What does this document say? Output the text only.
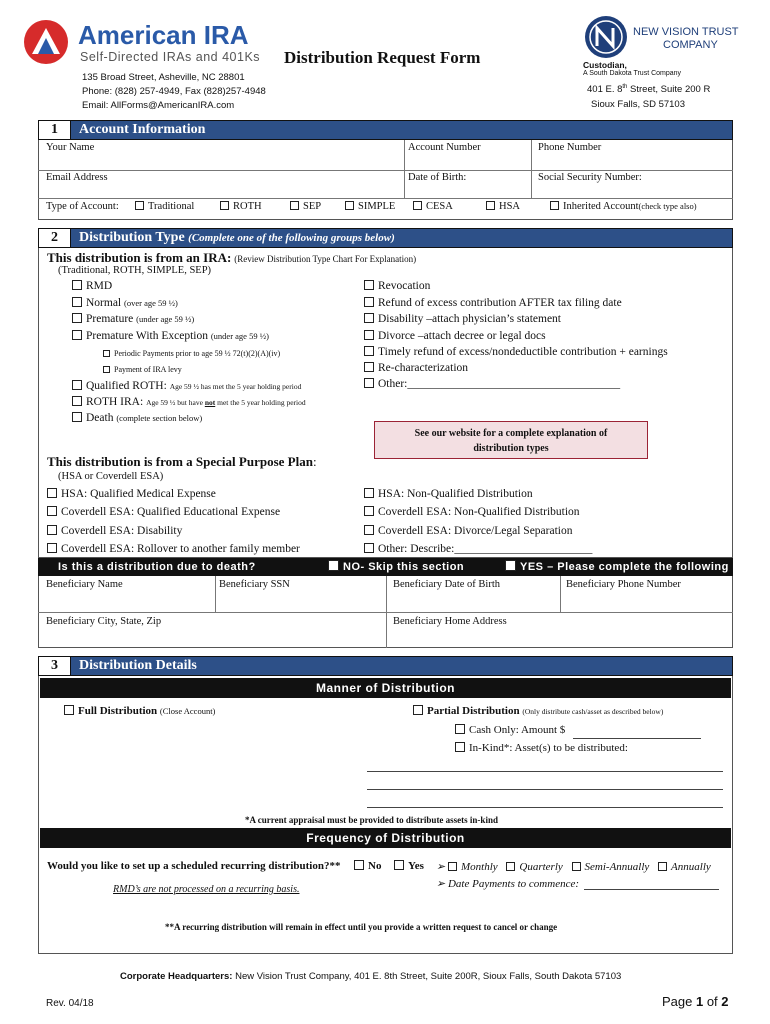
American IRA
Self-Directed IRAs and 401Ks Distribution Request Form
135 Broad Street, Asheville, NC 28801
Phone: (828) 257-4949, Fax (828)257-4948
Email: AllForms@AmericanIRA.com
NEW VISION TRUST
COMPANY
Custodian,
A South Dakota Trust Company
401 E. 8th Street, Suite 200 R
Sioux Falls, SD 57103
1	Account Information
Your Name	Account Number	Phone Number
Email Address	Date of Birth:	Social Security Number:
Type of Account:	Traditional	ROTH	SEP	SIMPLE	CESA	HSA	Inherited Account(check type also)
2	Distribution Type (Complete one of the following groups below)
This distribution is from an IRA: (Review Distribution Type Chart For Explanation)
(Traditional, ROTH, SIMPLE, SEP)
RMD
Normal (over age 59 ½)
Premature (under age 59 ½)
Premature With Exception (under age 59 ½)
Periodic Payments prior to age 59 ½ 72(t)(2)(A)(iv)
Payment of IRA levy
Qualified ROTH: Age 59 ½ has met the 5 year holding period
ROTH IRA: Age 59 ½ but have not met the 5 year holding period
Death (complete section below)
Revocation
Refund of excess contribution AFTER tax filing date
Disability –attach physician’s statement
Divorce –attach decree or legal docs
Timely refund of excess/nondeductible contribution + earnings
Re-characterization
Other:_____________________________________
See our website for a complete explanation of
distribution types
This distribution is from a Special Purpose Plan:
(HSA or Coverdell ESA)
HSA: Qualified Medical Expense
Coverdell ESA: Qualified Educational Expense
Coverdell ESA: Disability
Coverdell ESA: Rollover to another family member
HSA: Non-Qualified Distribution
Coverdell ESA: Non-Qualified Distribution
Coverdell ESA: Divorce/Legal Separation
Other: Describe:________________________
Is this a distribution due to death?	NO- Skip this section	YES – Please complete the following
Beneficiary Name	Beneficiary SSN	Beneficiary Date of Birth	Beneficiary Phone Number
Beneficiary City, State, Zip	Beneficiary Home Address
3	Distribution Details
Manner of Distribution
Full Distribution (Close Account)	Partial Distribution (Only distribute cash/asset as described below)
Cash Only: Amount $
In-Kind*: Asset(s) to be distributed:
*A current appraisal must be provided to distribute assets in-kind
Frequency of Distribution
Would you like to set up a scheduled recurring distribution?**	No	Yes ➢ Monthly Quarterly Semi-Annually Annually
➢ Date Payments to commence:
RMD’s are not processed on a recurring basis.
**A recurring distribution will remain in effect until you provide a written request to cancel or change
Corporate Headquarters: New Vision Trust Company, 401 E. 8th Street, Suite 200R, Sioux Falls, South Dakota 57103
Rev. 04/18	Page 1 of 2
